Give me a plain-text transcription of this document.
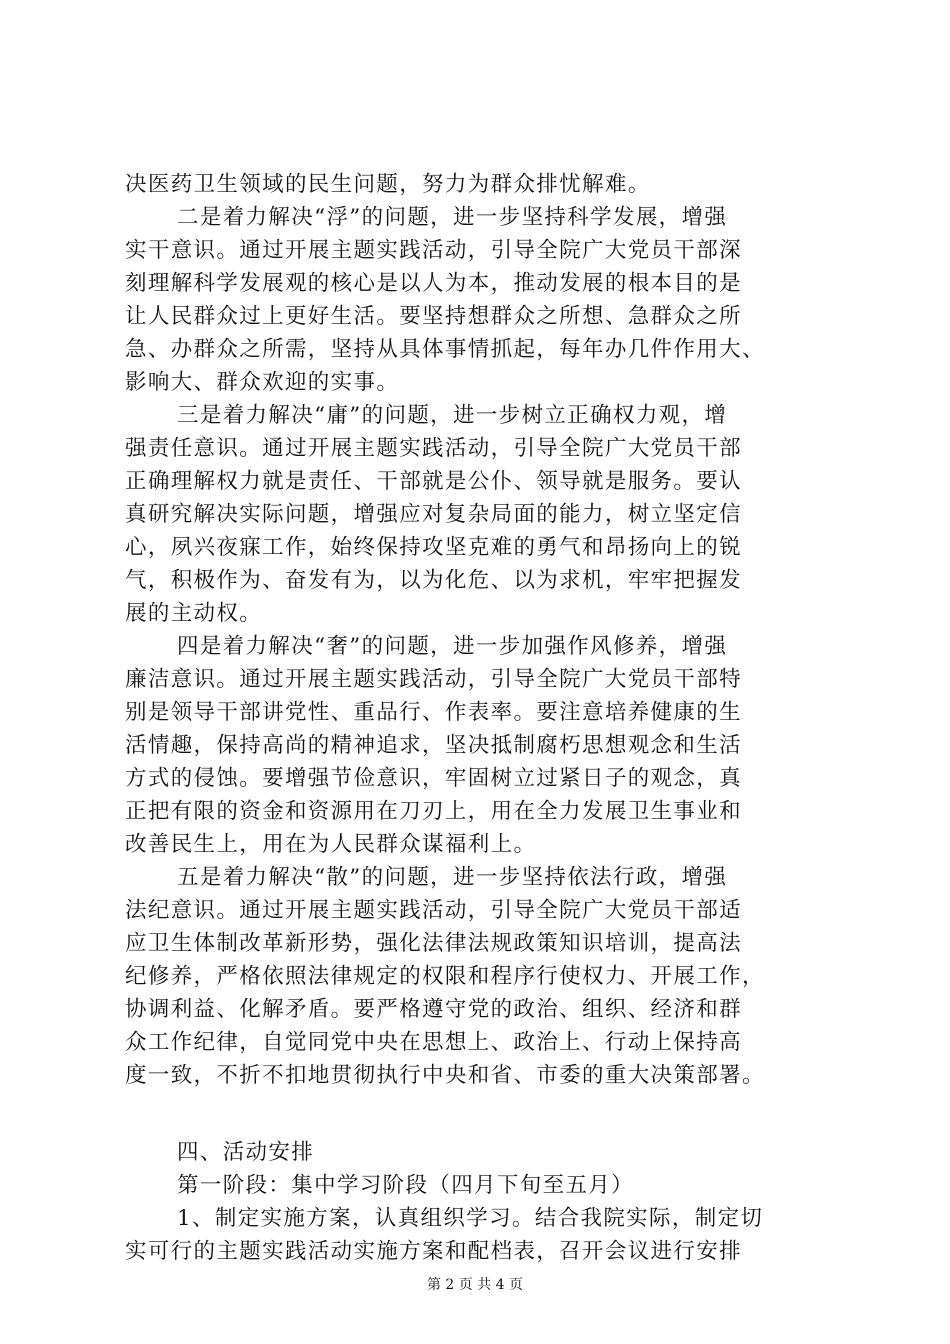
决医药卫生领域的民生问题，努力为群众排忧解难。
二是着力解决“浮”的问题，进一步坚持科学发展，增强
实干意识。通过开展主题实践活动，引导全院广大党员干部深
刻理解科学发展观的核心是以人为本，推动发展的根本目的是
让人民群众过上更好生活。要坚持想群众之所想、急群众之所
急、办群众之所需，坚持从具体事情抓起，每年办几件作用大、
影响大、群众欢迎的实事。
三是着力解决“庸”的问题，进一步树立正确权力观，增
强责任意识。通过开展主题实践活动，引导全院广大党员干部
正确理解权力就是责任、干部就是公仆、领导就是服务。要认
真研究解决实际问题，增强应对复杂局面的能力，树立坚定信
心，夙兴夜寐工作，始终保持攻坚克难的勇气和昂扬向上的锐
气，积极作为、奋发有为，以为化危、以为求机，牢牢把握发
展的主动权。
四是着力解决“奢”的问题，进一步加强作风修养，增强
廉洁意识。通过开展主题实践活动，引导全院广大党员干部特
别是领导干部讲党性、重品行、作表率。要注意培养健康的生
活情趣，保持高尚的精神追求，坚决抵制腐朽思想观念和生活
方式的侵蚀。要增强节俭意识，牢固树立过紧日子的观念，真
正把有限的资金和资源用在刀刃上，用在全力发展卫生事业和
改善民生上，用在为人民群众谋福利上。
五是着力解决“散”的问题，进一步坚持依法行政，增强
法纪意识。通过开展主题实践活动，引导全院广大党员干部适
应卫生体制改革新形势，强化法律法规政策知识培训，提高法
纪修养，严格依照法律规定的权限和程序行使权力、开展工作，
协调利益、化解矛盾。要严格遵守党的政治、组织、经济和群
众工作纪律，自觉同党中央在思想上、政治上、行动上保持高
度一致，不折不扣地贯彻执行中央和省、市委的重大决策部署。
四、活动安排
第一阶段：集中学习阶段（四月下旬至五月）
1、制定实施方案，认真组织学习。结合我院实际，制定切
实可行的主题实践活动实施方案和配档表，召开会议进行安排
第 2 页 共 4 页
